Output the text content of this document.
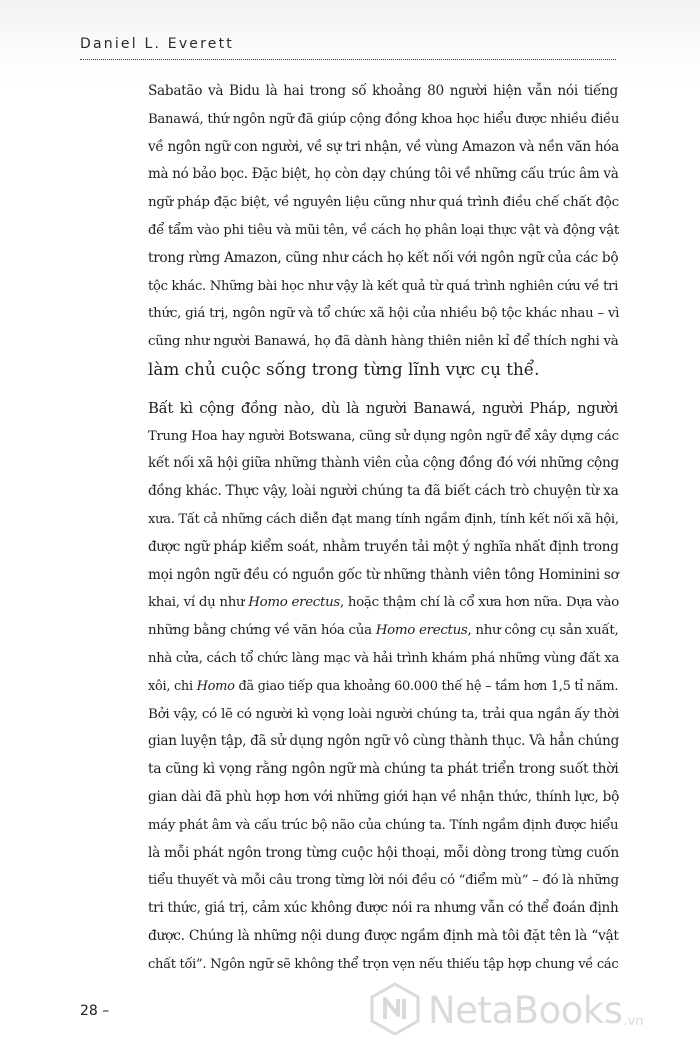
Daniel L. Everett

Sabatão và Bidu là hai trong số khoảng 80 người hiện vẫn nói tiếng
Banawá, thứ ngôn ngữ đã giúp cộng đồng khoa học hiểu được nhiều điều
về ngôn ngữ con người, về sự tri nhận, về vùng Amazon và nền văn hóa
mà nó bảo bọc. Đặc biệt, họ còn dạy chúng tôi về những cấu trúc âm và
ngữ pháp đặc biệt, về nguyên liệu cũng như quá trình điều chế chất độc
để tẩm vào phi tiêu và mũi tên, về cách họ phân loại thực vật và động vật
trong rừng Amazon, cũng như cách họ kết nối với ngôn ngữ của các bộ
tộc khác. Những bài học như vậy là kết quả từ quá trình nghiên cứu về tri
thức, giá trị, ngôn ngữ và tổ chức xã hội của nhiều bộ tộc khác nhau – vì
cũng như người Banawá, họ đã dành hàng thiên niên kỉ để thích nghi và
làm chủ cuộc sống trong từng lĩnh vực cụ thể.

Bất kì cộng đồng nào, dù là người Banawá, người Pháp, người
Trung Hoa hay người Botswana, cũng sử dụng ngôn ngữ để xây dựng các
kết nối xã hội giữa những thành viên của cộng đồng đó với những cộng
đồng khác. Thực vậy, loài người chúng ta đã biết cách trò chuyện từ xa
xưa. Tất cả những cách diễn đạt mang tính ngầm định, tính kết nối xã hội,
được ngữ pháp kiểm soát, nhằm truyền tải một ý nghĩa nhất định trong
mọi ngôn ngữ đều có nguồn gốc từ những thành viên tông Hominini sơ
khai, ví dụ như Homo erectus, hoặc thậm chí là cổ xưa hơn nữa. Dựa vào
những bằng chứng về văn hóa của Homo erectus, như công cụ sản xuất,
nhà cửa, cách tổ chức làng mạc và hải trình khám phá những vùng đất xa
xôi, chi Homo đã giao tiếp qua khoảng 60.000 thế hệ – tầm hơn 1,5 tỉ năm.
Bởi vậy, có lẽ có người kì vọng loài người chúng ta, trải qua ngần ấy thời
gian luyện tập, đã sử dụng ngôn ngữ vô cùng thành thục. Và hẳn chúng
ta cũng kì vọng rằng ngôn ngữ mà chúng ta phát triển trong suốt thời
gian dài đã phù hợp hơn với những giới hạn về nhận thức, thính lực, bộ
máy phát âm và cấu trúc bộ não của chúng ta. Tính ngầm định được hiểu
là mỗi phát ngôn trong từng cuộc hội thoại, mỗi dòng trong từng cuốn
tiểu thuyết và mỗi câu trong từng lời nói đều có “điểm mù” – đó là những
tri thức, giá trị, cảm xúc không được nói ra nhưng vẫn có thể đoán định
được. Chúng là những nội dung được ngầm định mà tôi đặt tên là “vật
chất tối”. Ngôn ngữ sẽ không thể trọn vẹn nếu thiếu tập hợp chung về các

28 –	NetaBooks .vn
